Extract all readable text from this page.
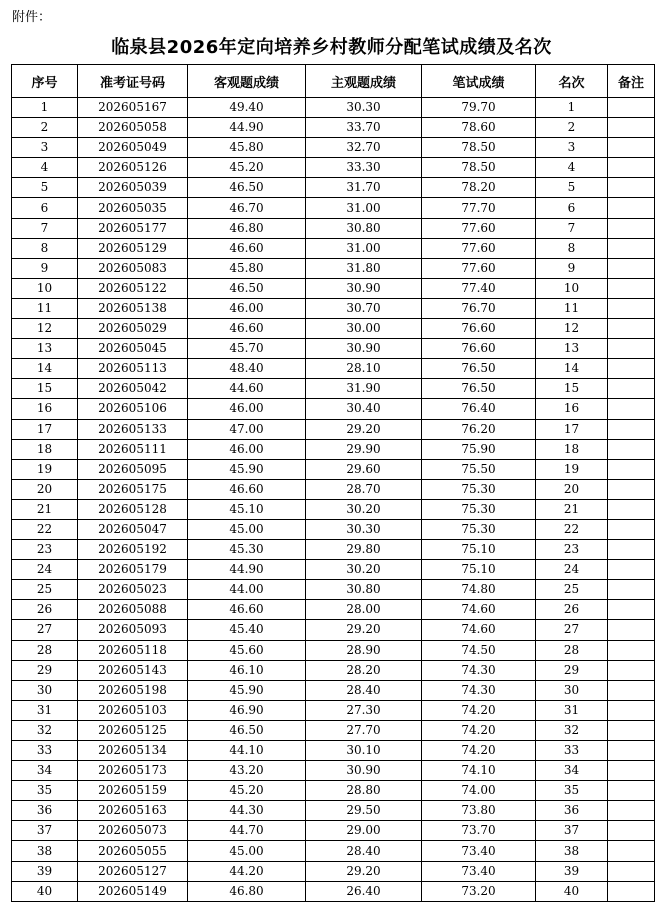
附件：
临泉县2026年定向培养乡村教师分配笔试成绩及名次
序号	准考证号码	客观题成绩	主观题成绩	笔试成绩	名次	备注
1	202605167	49.40	30.30	79.70	1	
2	202605058	44.90	33.70	78.60	2	
3	202605049	45.80	32.70	78.50	3	
4	202605126	45.20	33.30	78.50	4	
5	202605039	46.50	31.70	78.20	5	
6	202605035	46.70	31.00	77.70	6	
7	202605177	46.80	30.80	77.60	7	
8	202605129	46.60	31.00	77.60	8	
9	202605083	45.80	31.80	77.60	9	
10	202605122	46.50	30.90	77.40	10	
11	202605138	46.00	30.70	76.70	11	
12	202605029	46.60	30.00	76.60	12	
13	202605045	45.70	30.90	76.60	13	
14	202605113	48.40	28.10	76.50	14	
15	202605042	44.60	31.90	76.50	15	
16	202605106	46.00	30.40	76.40	16	
17	202605133	47.00	29.20	76.20	17	
18	202605111	46.00	29.90	75.90	18	
19	202605095	45.90	29.60	75.50	19	
20	202605175	46.60	28.70	75.30	20	
21	202605128	45.10	30.20	75.30	21	
22	202605047	45.00	30.30	75.30	22	
23	202605192	45.30	29.80	75.10	23	
24	202605179	44.90	30.20	75.10	24	
25	202605023	44.00	30.80	74.80	25	
26	202605088	46.60	28.00	74.60	26	
27	202605093	45.40	29.20	74.60	27	
28	202605118	45.60	28.90	74.50	28	
29	202605143	46.10	28.20	74.30	29	
30	202605198	45.90	28.40	74.30	30	
31	202605103	46.90	27.30	74.20	31	
32	202605125	46.50	27.70	74.20	32	
33	202605134	44.10	30.10	74.20	33	
34	202605173	43.20	30.90	74.10	34	
35	202605159	45.20	28.80	74.00	35	
36	202605163	44.30	29.50	73.80	36	
37	202605073	44.70	29.00	73.70	37	
38	202605055	45.00	28.40	73.40	38	
39	202605127	44.20	29.20	73.40	39	
40	202605149	46.80	26.40	73.20	40	
